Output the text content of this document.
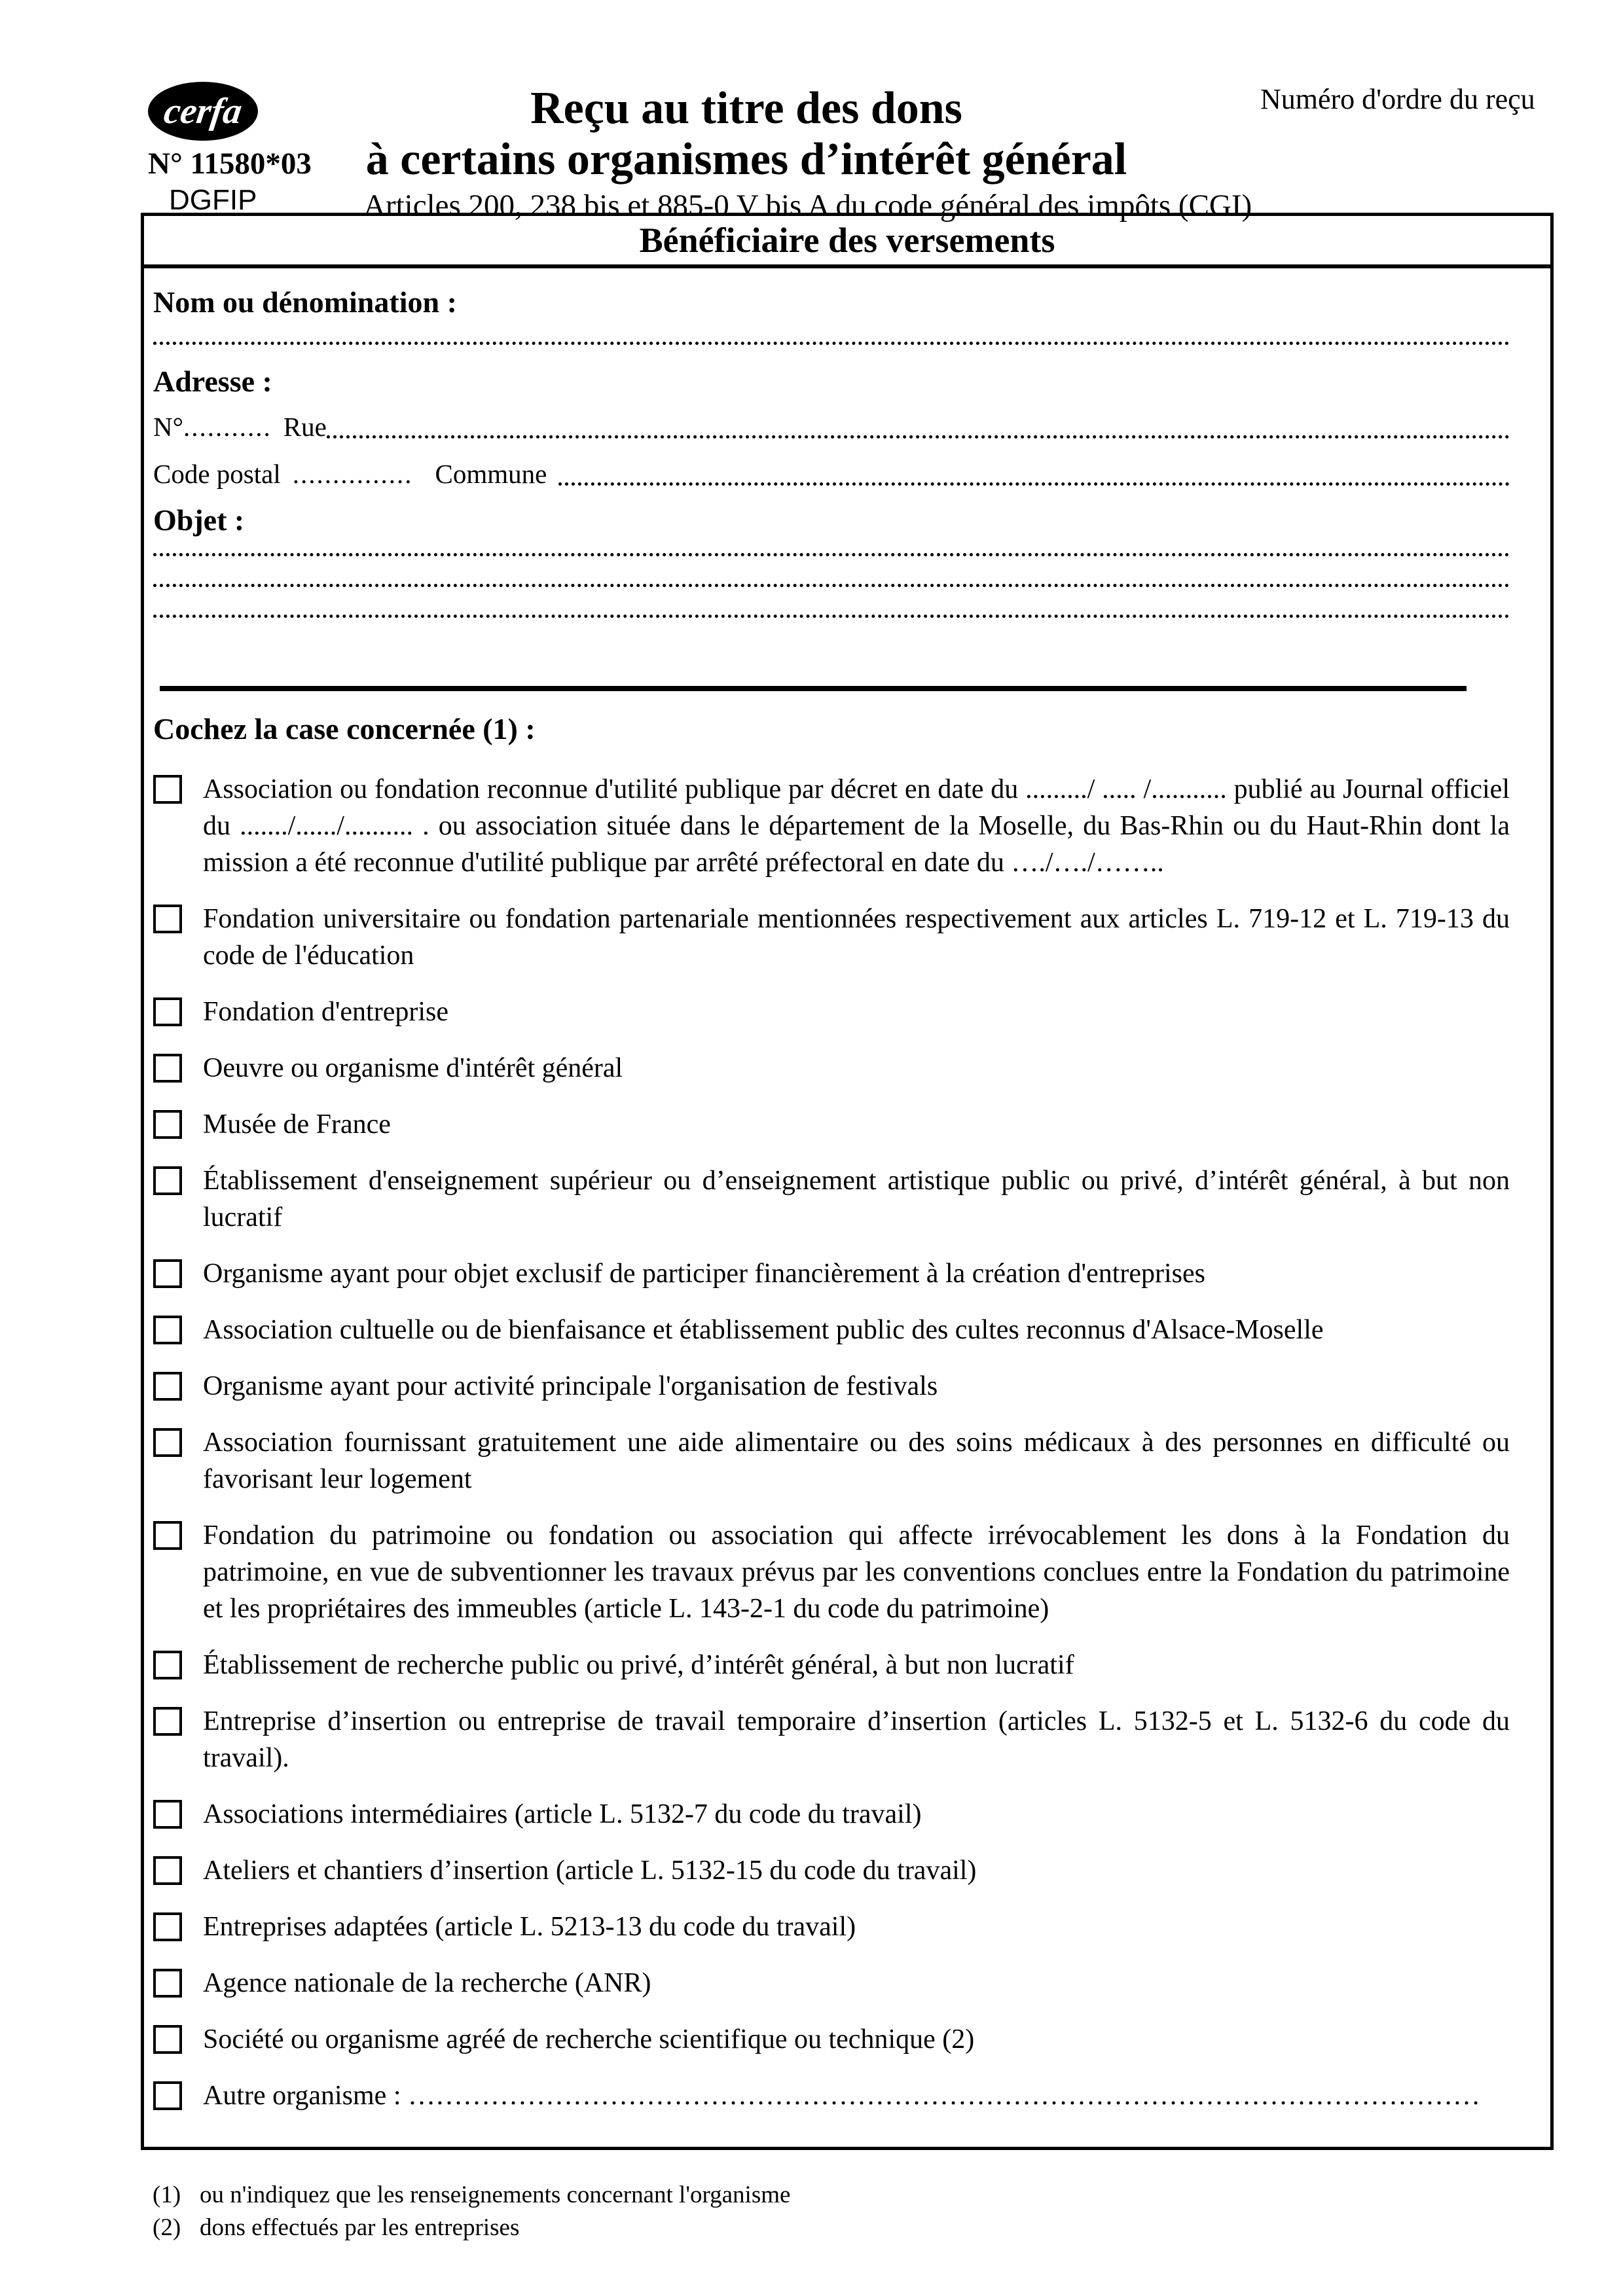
cerfa
N° 11580*03
DGFIP
Reçu au titre des dons
à certains organismes d’intérêt général
Articles 200, 238 bis et 885-0 V bis A du code général des impôts (CGI)
Numéro d'ordre du reçu
Bénéficiaire des versements
Nom ou dénomination :
Adresse :
N° ........... Rue
Code postal ............... Commune
Objet :
Cochez la case concernée (1) :

Association ou fondation reconnue d'utilité publique par décret en date du ........./ ..... /........... publié au Journal officiel du ......./....../.......... . ou association située dans le département de la Moselle, du Bas-Rhin ou du Haut-Rhin dont la mission a été reconnue d'utilité publique par arrêté préfectoral en date du …./…./……..

Fondation universitaire ou fondation partenariale mentionnées respectivement aux articles L. 719-12 et L. 719-13 du code de l'éducation

Fondation d'entreprise

Oeuvre ou organisme d'intérêt général

Musée de France

Établissement d'enseignement supérieur ou d’enseignement artistique public ou privé, d’intérêt général, à but non lucratif

Organisme ayant pour objet exclusif de participer financièrement à la création d'entreprises

Association cultuelle ou de bienfaisance et établissement public des cultes reconnus d'Alsace-Moselle

Organisme ayant pour activité principale l'organisation de festivals

Association fournissant gratuitement une aide alimentaire ou des soins médicaux à des personnes en difficulté ou favorisant leur logement

Fondation du patrimoine ou fondation ou association qui affecte irrévocablement les dons à la Fondation du patrimoine, en vue de subventionner les travaux prévus par les conventions conclues entre la Fondation du patrimoine et les propriétaires des immeubles (article L. 143-2-1 du code du patrimoine)

Établissement de recherche public ou privé, d’intérêt général, à but non lucratif

Entreprise d’insertion ou entreprise de travail temporaire d’insertion (articles L. 5132-5 et L. 5132-6 du code du travail).

Associations intermédiaires (article L. 5132-7 du code du travail)

Ateliers et chantiers d’insertion (article L. 5132-15 du code du travail)

Entreprises adaptées (article L. 5213-13 du code du travail)

Agence nationale de la recherche (ANR)

Société ou organisme agréé de recherche scientifique ou technique (2)

Autre organisme : ………………………………………………………………………………………………………

(1) ou n'indiquez que les renseignements concernant l'organisme
(2) dons effectués par les entreprises
